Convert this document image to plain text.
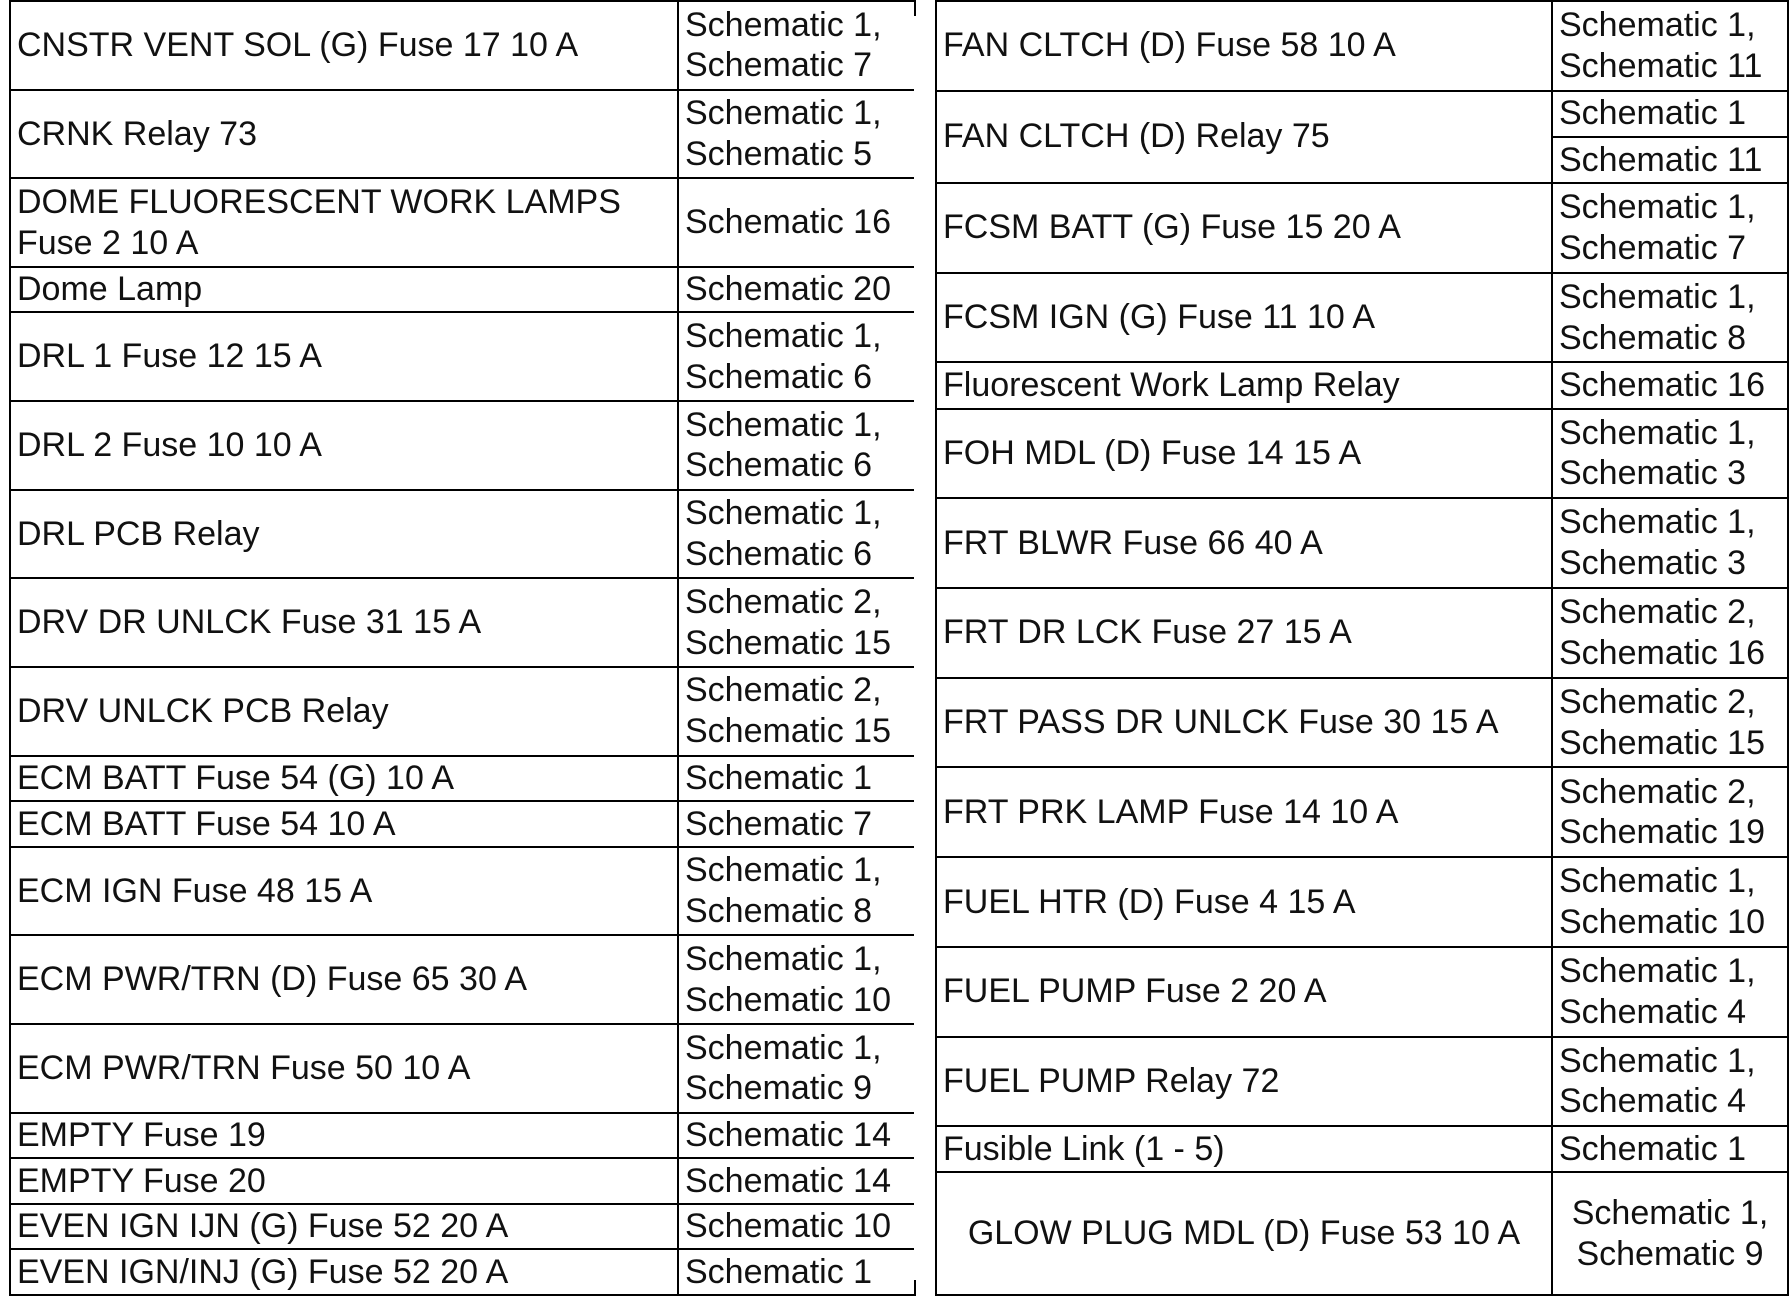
CNSTR VENT SOL (G) Fuse 17 10 A	Schematic 1,
Schematic 7
CRNK Relay 73	Schematic 1,
Schematic 5
DOME FLUORESCENT WORK LAMPS
Fuse 2 10 A	Schematic 16
Dome Lamp	Schematic 20
DRL 1 Fuse 12 15 A	Schematic 1,
Schematic 6
DRL 2 Fuse 10 10 A	Schematic 1,
Schematic 6
DRL PCB Relay	Schematic 1,
Schematic 6
DRV DR UNLCK Fuse 31 15 A	Schematic 2,
Schematic 15
DRV UNLCK PCB Relay	Schematic 2,
Schematic 15
ECM BATT Fuse 54 (G) 10 A	Schematic 1
ECM BATT Fuse 54 10 A	Schematic 7
ECM IGN Fuse 48 15 A	Schematic 1,
Schematic 8
ECM PWR/TRN (D) Fuse 65 30 A	Schematic 1,
Schematic 10
ECM PWR/TRN Fuse 50 10 A	Schematic 1,
Schematic 9
EMPTY Fuse 19	Schematic 14
EMPTY Fuse 20	Schematic 14
EVEN IGN IJN (G) Fuse 52 20 A	Schematic 10
EVEN IGN/INJ (G) Fuse 52 20 A	Schematic 1
FAN CLTCH (D) Fuse 58 10 A	Schematic 1,
Schematic 11
FAN CLTCH (D) Relay 75	Schematic 1
	Schematic 11
FCSM BATT (G) Fuse 15 20 A	Schematic 1,
Schematic 7
FCSM IGN (G) Fuse 11 10 A	Schematic 1,
Schematic 8
Fluorescent Work Lamp Relay	Schematic 16
FOH MDL (D) Fuse 14 15 A	Schematic 1,
Schematic 3
FRT BLWR Fuse 66 40 A	Schematic 1,
Schematic 3
FRT DR LCK Fuse 27 15 A	Schematic 2,
Schematic 16
FRT PASS DR UNLCK Fuse 30 15 A	Schematic 2,
Schematic 15
FRT PRK LAMP Fuse 14 10 A	Schematic 2,
Schematic 19
FUEL HTR (D) Fuse 4 15 A	Schematic 1,
Schematic 10
FUEL PUMP Fuse 2 20 A	Schematic 1,
Schematic 4
FUEL PUMP Relay 72	Schematic 1,
Schematic 4
Fusible Link (1 - 5)	Schematic 1
GLOW PLUG MDL (D) Fuse 53 10 A	Schematic 1,
Schematic 9
